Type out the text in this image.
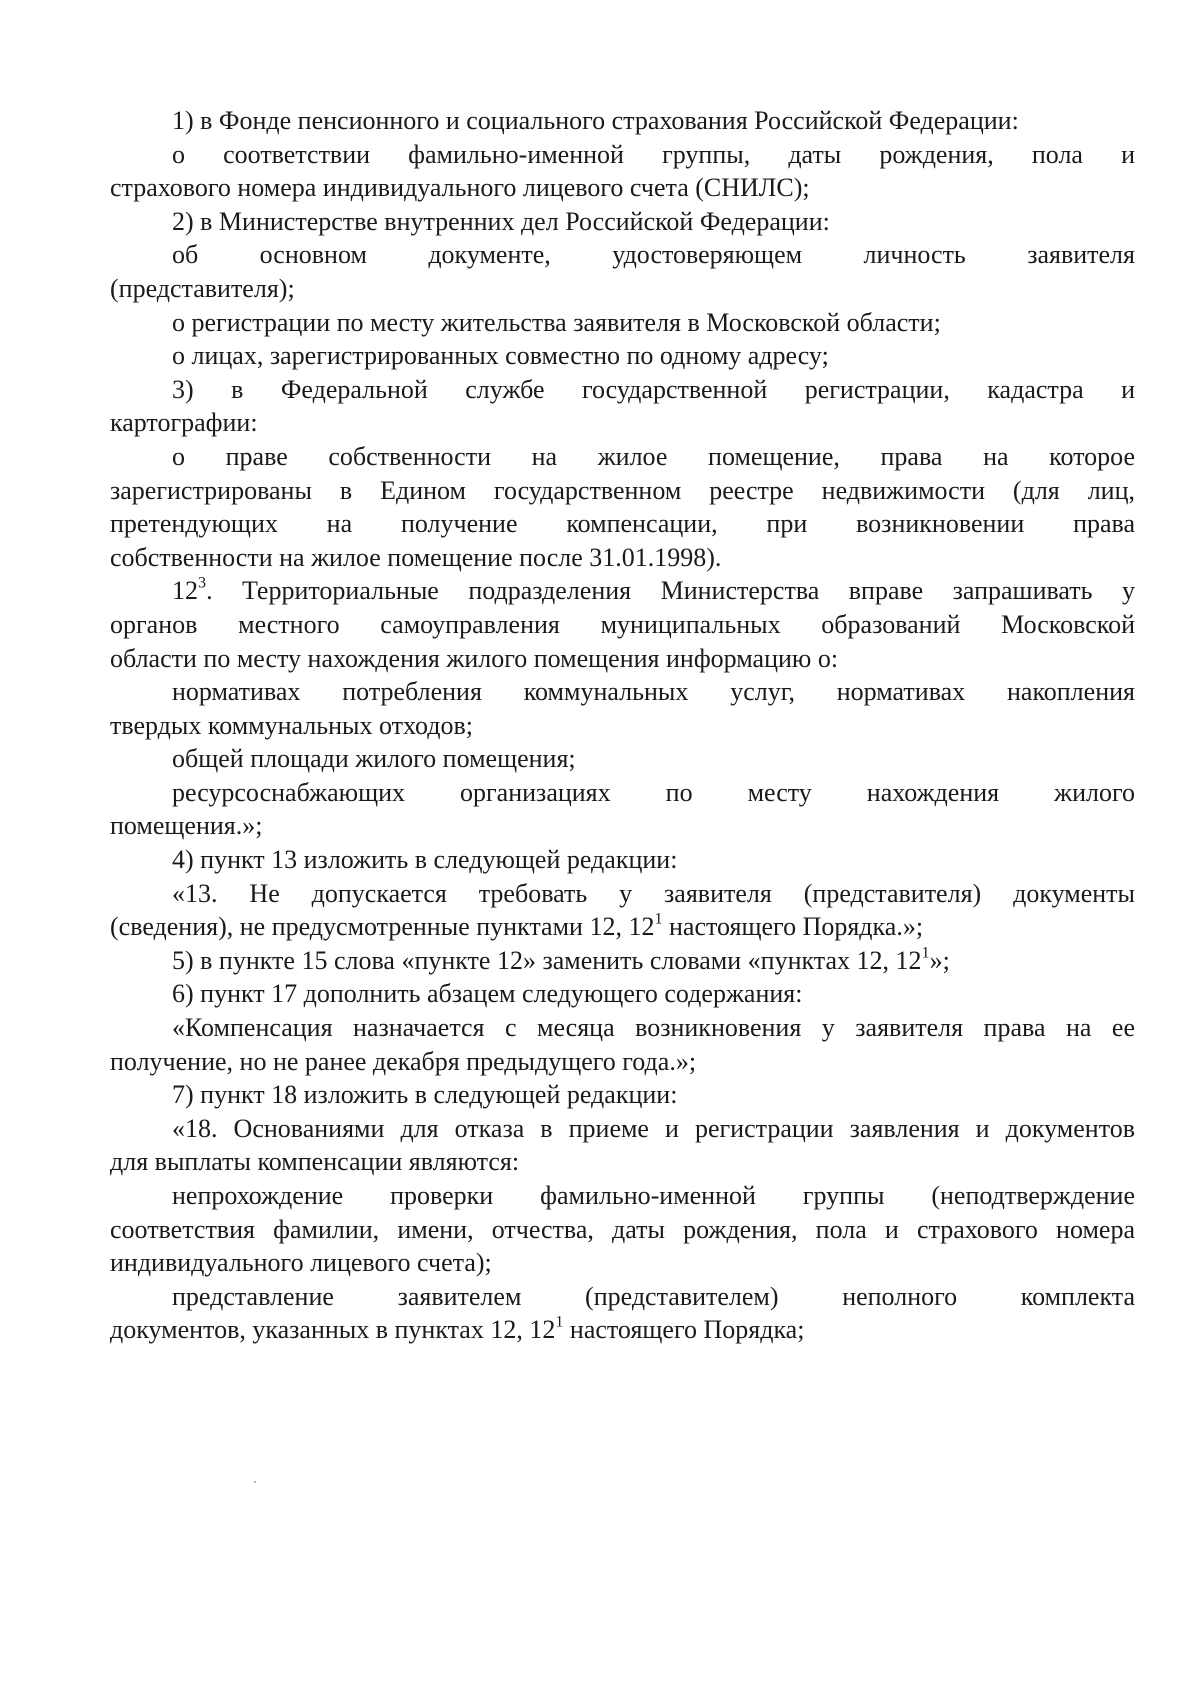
1) в Фонде пенсионного и социального страхования Российской Федерации:
о соответствии фамильно-именной группы, даты рождения, пола и
страхового номера индивидуального лицевого счета (СНИЛС);
2) в Министерстве внутренних дел Российской Федерации:
об основном документе, удостоверяющем личность заявителя
(представителя);
о регистрации по месту жительства заявителя в Московской области;
о лицах, зарегистрированных совместно по одному адресу;
3) в Федеральной службе государственной регистрации, кадастра и
картографии:
о праве собственности на жилое помещение, права на которое
зарегистрированы в Едином государственном реестре недвижимости (для лиц,
претендующих на получение компенсации, при возникновении права
собственности на жилое помещение после 31.01.1998).
$12^3$. Территориальные подразделения Министерства вправе запрашивать у
органов местного самоуправления муниципальных образований Московской
области по месту нахождения жилого помещения информацию о:
нормативах потребления коммунальных услуг, нормативах накопления
твердых коммунальных отходов;
общей площади жилого помещения;
ресурсоснабжающих организациях по месту нахождения жилого
помещения.»;
4) пункт 13 изложить в следующей редакции:
«13. Не допускается требовать у заявителя (представителя) документы
(сведения), не предусмотренные пунктами 12, $12^1$ настоящего Порядка.»;
5) в пункте 15 слова «пункте 12» заменить словами «пунктах 12, $12^1$»;
6) пункт 17 дополнить абзацем следующего содержания:
«Компенсация назначается с месяца возникновения у заявителя права на ее
получение, но не ранее декабря предыдущего года.»;
7) пункт 18 изложить в следующей редакции:
«18. Основаниями для отказа в приеме и регистрации заявления и документов
для выплаты компенсации являются:
непрохождение проверки фамильно-именной группы (неподтверждение
соответствия фамилии, имени, отчества, даты рождения, пола и страхового номера
индивидуального лицевого счета);
представление заявителем (представителем) неполного комплекта
документов, указанных в пунктах 12, $12^1$ настоящего Порядка;
